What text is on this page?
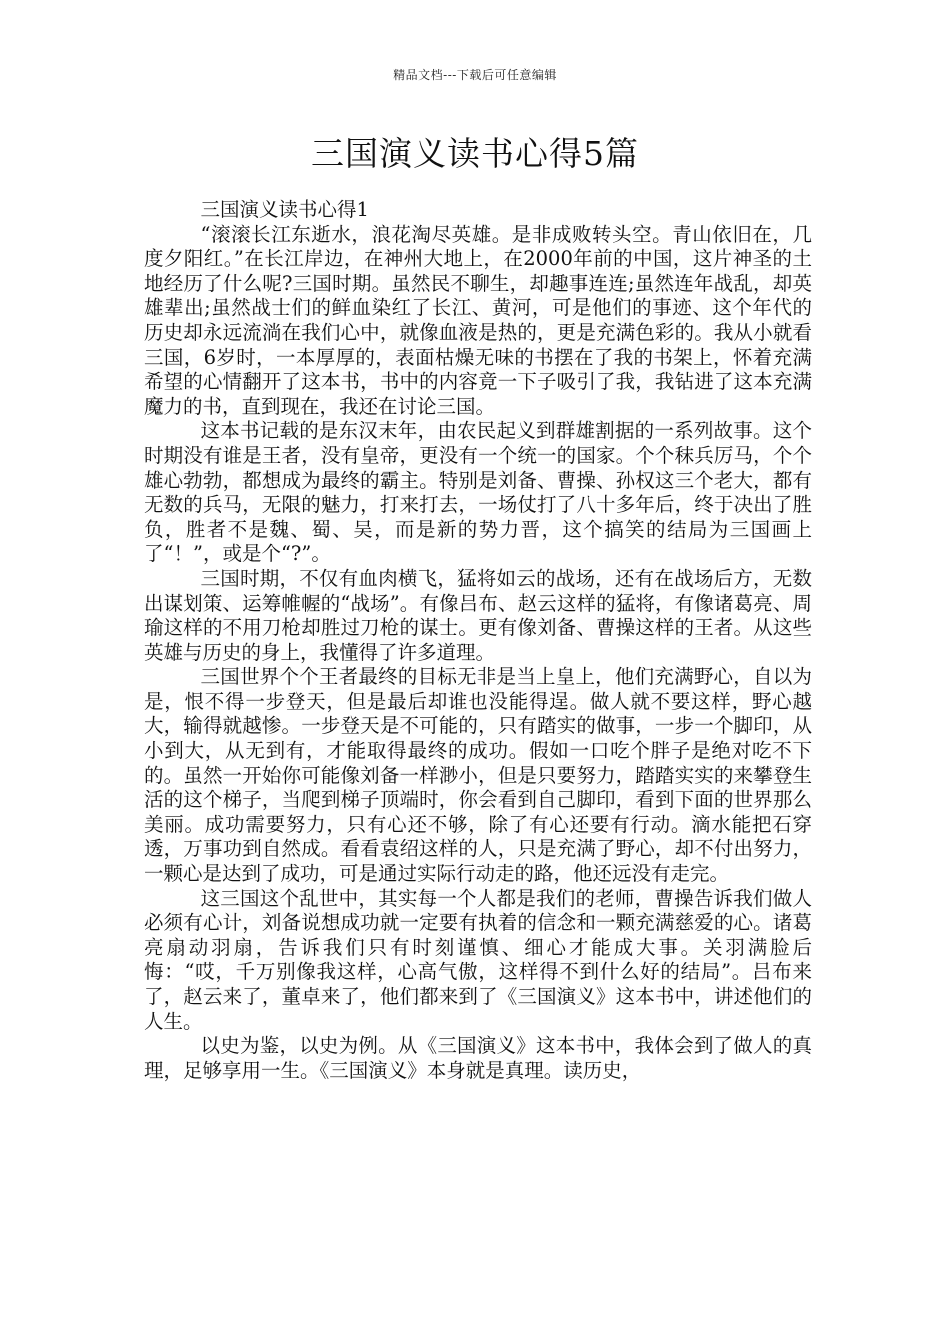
精品文档---下载后可任意编辑
三国演义读书心得5篇

三国演义读书心得1

“滚滚长江东逝水，浪花淘尽英雄。是非成败转头空。青山依旧在，几度夕阳红。”在长江岸边，在神州大地上，在2000年前的中国，这片神圣的土地经历了什么呢?三国时期。虽然民不聊生，却趣事连连;虽然连年战乱，却英雄辈出;虽然战士们的鲜血染红了长江、黄河，可是他们的事迹、这个年代的历史却永远流淌在我们心中，就像血液是热的，更是充满色彩的。我从小就看三国，6岁时，一本厚厚的，表面枯燥无味的书摆在了我的书架上，怀着充满希望的心情翻开了这本书，书中的内容竟一下子吸引了我，我钻进了这本充满魔力的书，直到现在，我还在讨论三国。

这本书记载的是东汉末年，由农民起义到群雄割据的一系列故事。这个时期没有谁是王者，没有皇帝，更没有一个统一的国家。个个秣兵厉马，个个雄心勃勃，都想成为最终的霸主。特别是刘备、曹操、孙权这三个老大，都有无数的兵马，无限的魅力，打来打去，一场仗打了八十多年后，终于决出了胜负，胜者不是魏、蜀、吴，而是新的势力晋，这个搞笑的结局为三国画上了“！”，或是个“?”。

三国时期，不仅有血肉横飞，猛将如云的战场，还有在战场后方，无数出谋划策、运筹帷幄的“战场”。有像吕布、赵云这样的猛将，有像诸葛亮、周瑜这样的不用刀枪却胜过刀枪的谋士。更有像刘备、曹操这样的王者。从这些英雄与历史的身上，我懂得了许多道理。

三国世界个个王者最终的目标无非是当上皇上，他们充满野心，自以为是，恨不得一步登天，但是最后却谁也没能得逞。做人就不要这样，野心越大，输得就越惨。一步登天是不可能的，只有踏实的做事，一步一个脚印，从小到大，从无到有，才能取得最终的成功。假如一口吃个胖子是绝对吃不下的。虽然一开始你可能像刘备一样渺小，但是只要努力，踏踏实实的来攀登生活的这个梯子，当爬到梯子顶端时，你会看到自己脚印，看到下面的世界那么美丽。成功需要努力，只有心还不够，除了有心还要有行动。滴水能把石穿透，万事功到自然成。看看袁绍这样的人，只是充满了野心，却不付出努力，一颗心是达到了成功，可是通过实际行动走的路，他还远没有走完。

这三国这个乱世中，其实每一个人都是我们的老师，曹操告诉我们做人必须有心计，刘备说想成功就一定要有执着的信念和一颗充满慈爱的心。诸葛亮扇动羽扇，告诉我们只有时刻谨慎、细心才能成大事。关羽满脸后悔：“哎，千万别像我这样，心高气傲，这样得不到什么好的结局”。吕布来了，赵云来了，董卓来了，他们都来到了《三国演义》这本书中，讲述他们的人生。

以史为鉴，以史为例。从《三国演义》这本书中，我体会到了做人的真理，足够享用一生。《三国演义》本身就是真理。读历史，
